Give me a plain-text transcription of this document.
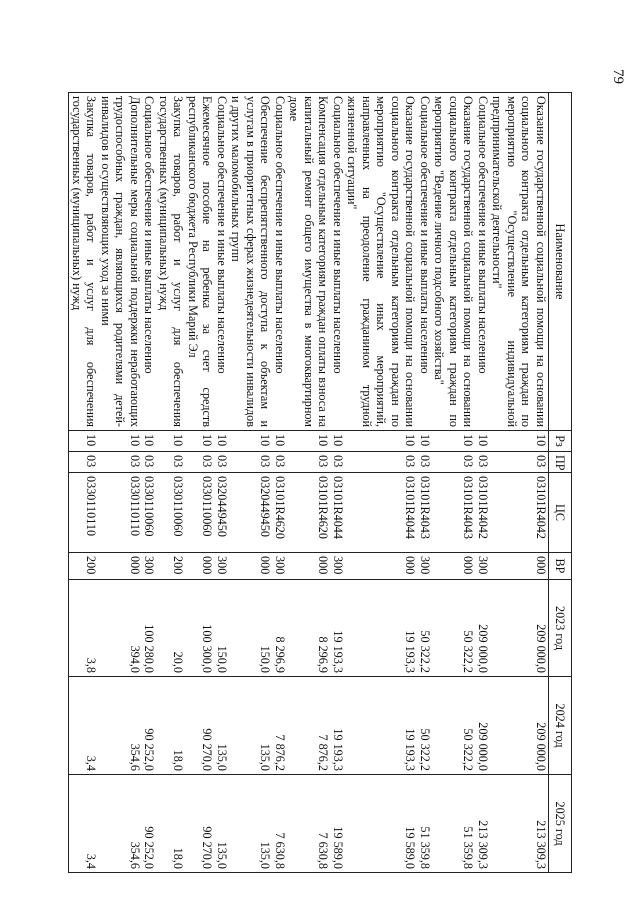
79
Наименование	Рз	ПР	ЦС	ВР	2023 год	2024 год	2025 год
Оказание государственной социальной помощи на основании социального контракта отдельным категориям граждан по мероприятию "Осуществление индивидуальной предпринимательской деятельности"	10	03	03101R4042	000	209 000,0	209 000,0	213 309,3
Социальное обеспечение и иные выплаты населению	10	03	03101R4042	300	209 000,0	209 000,0	213 309,3
Оказание государственной социальной помощи на основании социального контракта отдельным категориям граждан по мероприятию "Ведение личного подсобного хозяйства"	10	03	03101R4043	000	50 322,2	50 322,2	51 359,8
Социальное обеспечение и иные выплаты населению	10	03	03101R4043	300	50 322,2	50 322,2	51 359,8
Оказание государственной социальной помощи на основании социального контракта отдельным категориям граждан по мероприятию "Осуществление иных мероприятий, направленных на преодоление гражданином трудной жизненной ситуации"	10	03	03101R4044	000	19 193,3	19 193,3	19 589,0
Социальное обеспечение и иные выплаты населению	10	03	03101R4044	300	19 193,3	19 193,3	19 589,0
Компенсация отдельным категориям граждан оплаты взноса на капитальный ремонт общего имущества в многоквартирном доме	10	03	03101R4620	000	8 296,9	7 876,2	7 630,8
Социальное обеспечение и иные выплаты населению	10	03	03101R4620	300	8 296,9	7 876,2	7 630,8
Обеспечение беспрепятственного доступа к объектам и услугам в приоритетных сферах жизнедеятельности инвалидов и других маломобильных групп	10	03	0320449450	000	150,0	135,0	135,0
Социальное обеспечение и иные выплаты населению	10	03	0320449450	300	150,0	135,0	135,0
Ежемесячное пособие на ребенка за счет средств республиканского бюджета Республики Марий Эл	10	03	0330110060	000	100 300,0	90 270,0	90 270,0
Закупка товаров, работ и услуг для обеспечения государственных (муниципальных) нужд	10	03	0330110060	200	20,0	18,0	18,0
Социальное обеспечение и иные выплаты населению	10	03	0330110060	300	100 280,0	90 252,0	90 252,0
Дополнительные меры социальной поддержки неработающих трудоспособных граждан, являющихся родителями детей-инвалидов и осуществляющих уход за ними	10	03	0330110110	000	394,0	354,6	354,6
Закупка товаров, работ и услуг для обеспечения государственных (муниципальных) нужд	10	03	0330110110	200	3,8	3,4	3,4
